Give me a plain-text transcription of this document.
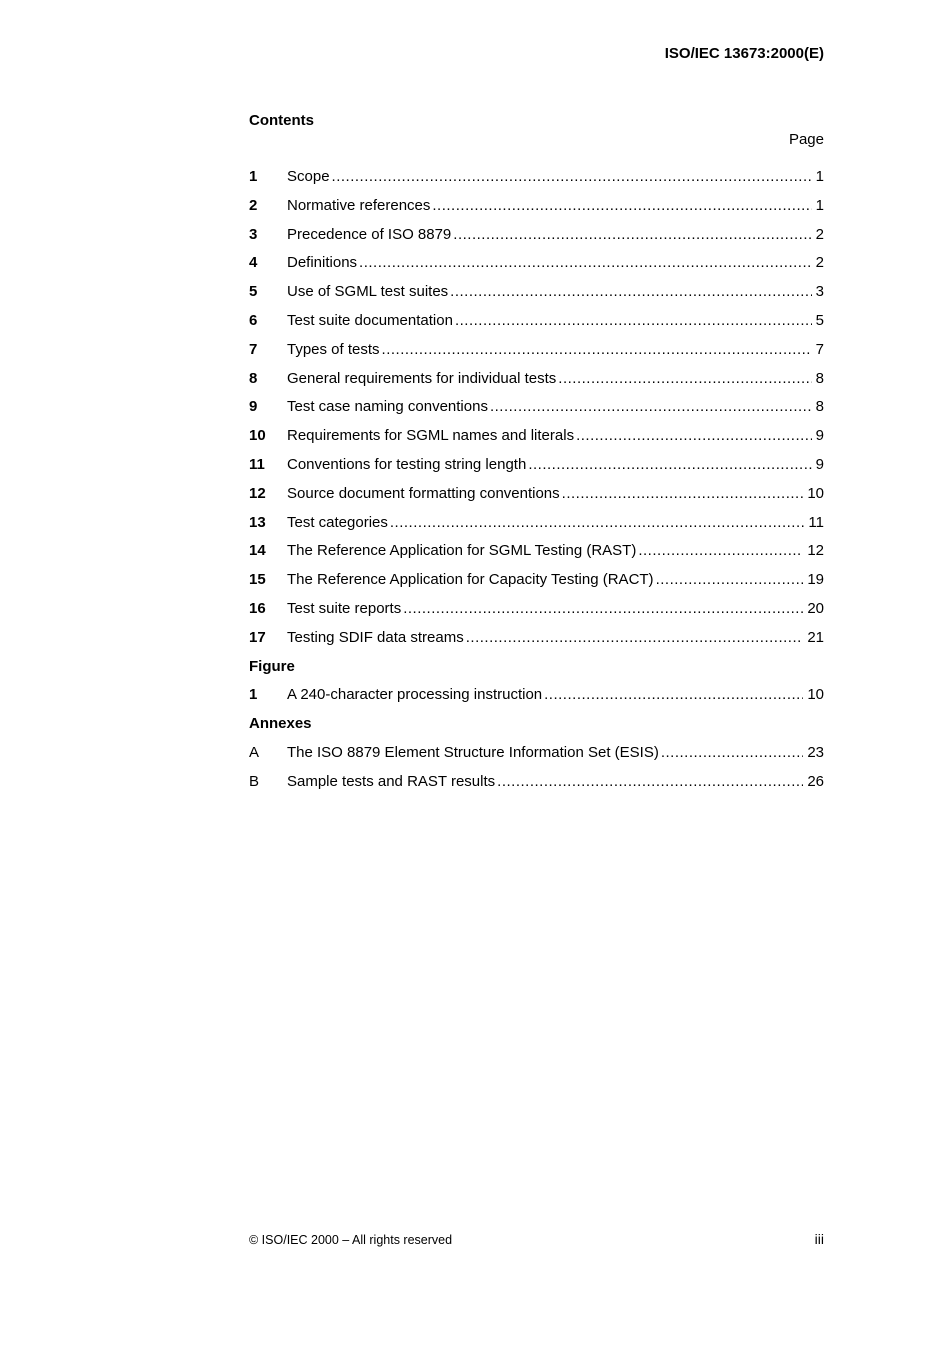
ISO/IEC 13673:2000(E)
Contents
Page
1	Scope .....	1
2	Normative references .....	1
3	Precedence of ISO 8879 .....	2
4	Definitions .....	2
5	Use of SGML test suites .....	3
6	Test suite documentation .....	5
7	Types of tests .....	7
8	General requirements for individual tests .....	8
9	Test case naming conventions .....	8
10	Requirements for SGML names and literals .....	9
11	Conventions for testing string length .....	9
12	Source document formatting conventions .....	10
13	Test categories .....	11
14	The Reference Application for SGML Testing (RAST) .....	12
15	The Reference Application for Capacity Testing (RACT) .....	19
16	Test suite reports .....	20
17	Testing SDIF data streams .....	21
Figure
1	A 240-character processing instruction .....	10
Annexes
A	The ISO 8879 Element Structure Information Set (ESIS) .....	23
B	Sample tests and RAST results .....	26
© ISO/IEC 2000 – All rights reserved	iii
